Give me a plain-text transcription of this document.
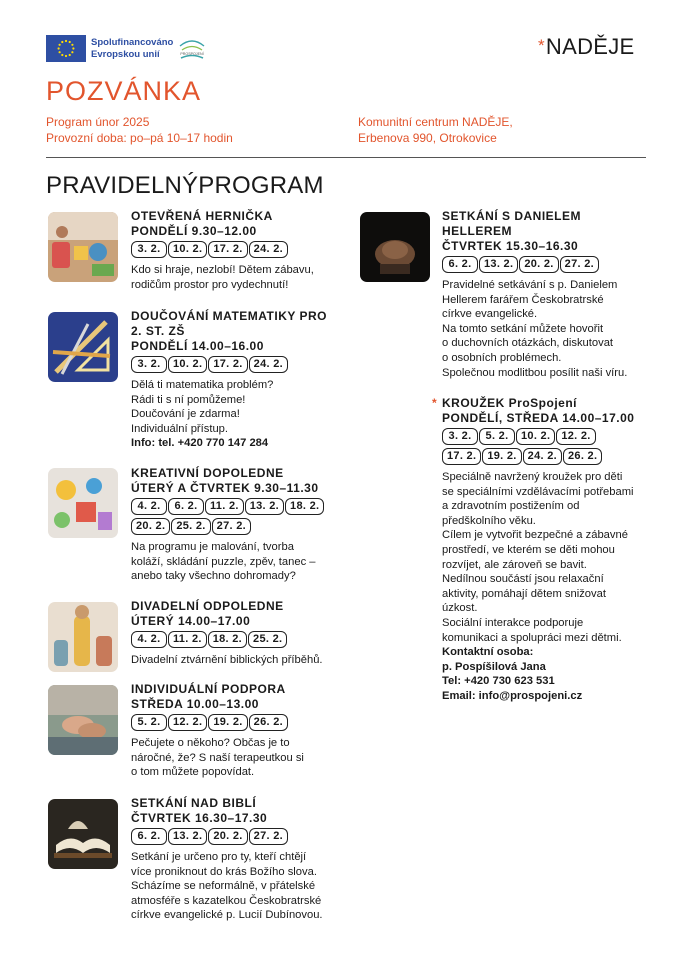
Spolufinancováno
Evropskou unií	PROSPOJENÍ	*NADĚJE
POZVÁNKA
Program únor 2025
Provozní doba: po–pá 10–17 hodin
Komunitní centrum NADĚJE,
Erbenova 990, Otrokovice
PRAVIDELNÝPROGRAM
OTEVŘENÁ HERNIČKA
PONDĚLÍ 9.30–12.00
3. 2. 10. 2. 17. 2. 24. 2.

Kdo si hraje, nezlobí! Dětem zábavu,

rodičům prostor pro vydechnutí!

DOUČOVÁNÍ MATEMATIKY PRO
2. ST. ZŠ
PONDĚLÍ 14.00–16.00
3. 2. 10. 2. 17. 2. 24. 2.

Dělá ti matematika problém?

Rádi ti s ní pomůžeme!

Doučování je zdarma!

Individuální přístup.

Info: tel. +420 770 147 284

KREATIVNÍ DOPOLEDNE
ÚTERÝ A ČTVRTEK 9.30–11.30
4. 2. 6. 2. 11. 2. 13. 2. 18. 2.
20. 2. 25. 2. 27. 2.

Na programu je malování, tvorba

koláží, skládání puzzle, zpěv, tanec –

anebo taky všechno dohromady?

DIVADELNÍ ODPOLEDNE
ÚTERÝ 14.00–17.00
4. 2. 11. 2. 18. 2. 25. 2.

Divadelní ztvárnění biblických příběhů.

INDIVIDUÁLNÍ PODPORA
STŘEDA 10.00–13.00
5. 2. 12. 2. 19. 2. 26. 2.

Pečujete o někoho? Občas je to

náročné, že? S naší terapeutkou si

o tom můžete popovídat.

SETKÁNÍ NAD BIBLÍ
ČTVRTEK 16.30–17.30
6. 2. 13. 2. 20. 2. 27. 2.

Setkání je určeno pro ty, kteří chtějí

více proniknout do krás Božího slova.

Scházíme se neformálně, v přátelské

atmosféře s kazatelkou Českobratrské

církve evangelické p. Lucií Dubínovou.

SETKÁNÍ S DANIELEM
HELLEREM
ČTVRTEK 15.30–16.30
6. 2. 13. 2. 20. 2. 27. 2.

Pravidelné setkávání s p. Danielem

Hellerem farářem Českobratrské

církve evangelické.

Na tomto setkání můžete hovořit

o duchovních otázkách, diskutovat

o osobních problémech.

Společnou modlitbou posílit naši víru.

* KROUŽEK ProSpojení
PONDĚLÍ, STŘEDA 14.00–17.00
3. 2. 5. 2. 10. 2. 12. 2.
17. 2. 19. 2. 24. 2. 26. 2.

Speciálně navržený kroužek pro děti

se speciálními vzdělávacími potřebami

a zdravotním postižením od

předškolního věku.

Cílem je vytvořit bezpečné a zábavné

prostředí, ve kterém se děti mohou

rozvíjet, ale zároveň se bavit.

Nedílnou součástí jsou relaxační

aktivity, pomáhají dětem snižovat

úzkost.

Sociální interakce podporuje

komunikaci a spolupráci mezi dětmi.

Kontaktní osoba:

p. Pospíšilová Jana

Tel: +420 730 623 531

Email: info@prospojeni.cz
